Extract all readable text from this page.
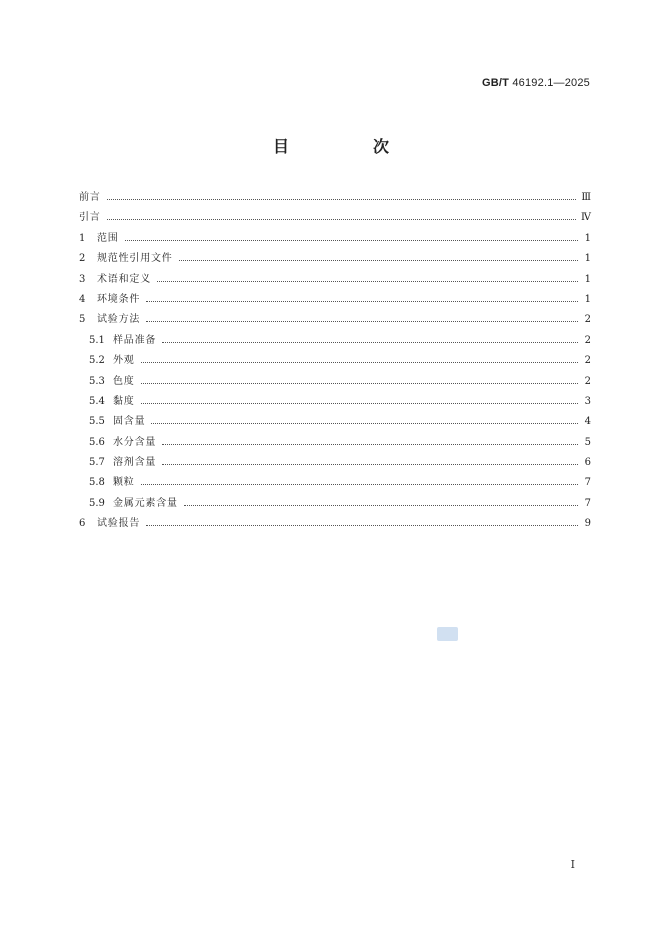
GB/T 46192.1—2025
目　次
前言	Ⅲ
引言	Ⅳ
1	范围	1
2	规范性引用文件	1
3	术语和定义	1
4	环境条件	1
5	试验方法	2
5.1 样品准备	2
5.2 外观	2
5.3 色度	2
5.4 黏度	3
5.5 固含量	4
5.6 水分含量	5
5.7 溶剂含量	6
5.8 颗粒	7
5.9 金属元素含量	7
6	试验报告	9
I
